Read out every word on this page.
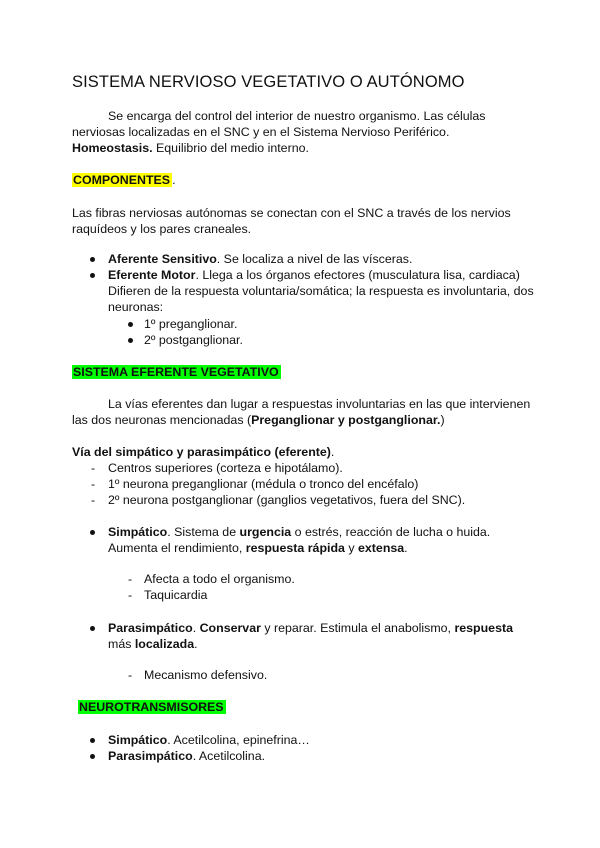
SISTEMA NERVIOSO VEGETATIVO O AUTÓNOMO
Se encarga del control del interior de nuestro organismo. Las células
nerviosas localizadas en el SNC y en el Sistema Nervioso Periférico.
Homeostasis. Equilibrio del medio interno.
COMPONENTES .
Las fibras nerviosas autónomas se conectan con el SNC a través de los nervios
raquídeos y los pares craneales.
Aferente Sensitivo. Se localiza a nivel de las vísceras.
Eferente Motor. Llega a los órganos efectores (musculatura lisa, cardiaca)
Difieren de la respuesta voluntaria/somática; la respuesta es involuntaria, dos
neuronas:
1º preganglionar.
2º postganglionar.
SISTEMA EFERENTE VEGETATIVO
La vías eferentes dan lugar a respuestas involuntarias en las que intervienen
las dos neuronas mencionadas (Preganglionar y postganglionar.)
Vía del simpático y parasimpático (eferente).
- Centros superiores (corteza e hipotálamo).
- 1º neurona preganglionar (médula o tronco del encéfalo)
- 2º neurona postganglionar (ganglios vegetativos, fuera del SNC).
Simpático. Sistema de urgencia o estrés, reacción de lucha o huida.
Aumenta el rendimiento, respuesta rápida y extensa.
- Afecta a todo el organismo.
- Taquicardia
Parasimpático. Conservar y reparar. Estimula el anabolismo, respuesta
más localizada.
- Mecanismo defensivo.
NEUROTRANSMISORES
Simpático. Acetilcolina, epinefrina…
Parasimpático. Acetilcolina.
